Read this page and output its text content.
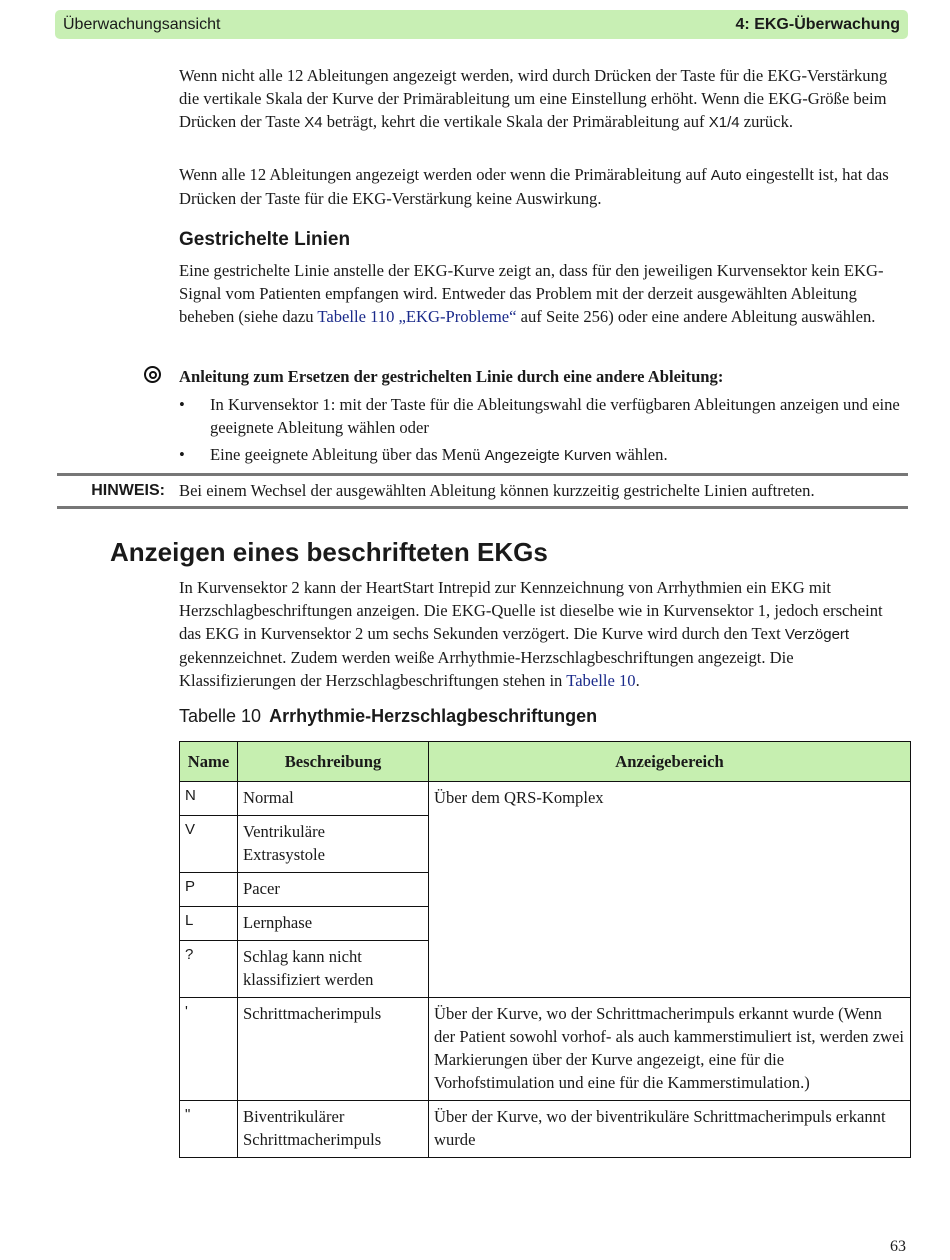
Überwachungsansicht	4: EKG-Überwachung

Wenn nicht alle 12 Ableitungen angezeigt werden, wird durch Drücken der Taste für die EKG-Verstärkung die vertikale Skala der Kurve der Primärableitung um eine Einstellung erhöht. Wenn die EKG-Größe beim Drücken der Taste X4 beträgt, kehrt die vertikale Skala der Primärableitung auf X1/4 zurück.

Wenn alle 12 Ableitungen angezeigt werden oder wenn die Primärableitung auf Auto eingestellt ist, hat das Drücken der Taste für die EKG-Verstärkung keine Auswirkung.

Gestrichelte Linien

Eine gestrichelte Linie anstelle der EKG-Kurve zeigt an, dass für den jeweiligen Kurvensektor kein EKG-Signal vom Patienten empfangen wird. Entweder das Problem mit der derzeit ausgewählten Ableitung beheben (siehe dazu Tabelle 110 „EKG-Probleme“ auf Seite 256) oder eine andere Ableitung auswählen.

Anleitung zum Ersetzen der gestrichelten Linie durch eine andere Ableitung:

• In Kurvensektor 1: mit der Taste für die Ableitungswahl die verfügbaren Ableitungen anzeigen und eine geeignete Ableitung wählen oder
• Eine geeignete Ableitung über das Menü Angezeigte Kurven wählen.
HINWEIS: Bei einem Wechsel der ausgewählten Ableitung können kurzzeitig gestrichelte Linien auftreten.
Anzeigen eines beschrifteten EKGs

In Kurvensektor 2 kann der HeartStart Intrepid zur Kennzeichnung von Arrhythmien ein EKG mit Herzschlagbeschriftungen anzeigen. Die EKG-Quelle ist dieselbe wie in Kurvensektor 1, jedoch erscheint das EKG in Kurvensektor 2 um sechs Sekunden verzögert. Die Kurve wird durch den Text Verzögert gekennzeichnet. Zudem werden weiße Arrhythmie-Herzschlagbeschriftungen angezeigt. Die Klassifizierungen der Herzschlagbeschriftungen stehen in Tabelle 10.

Tabelle 10 Arrhythmie-Herzschlagbeschriftungen
Name	Beschreibung	Anzeigebereich
N	Normal	Über dem QRS-Komplex
V	Ventrikuläre Extrasystole	
P	Pacer	
L	Lernphase	
?	Schlag kann nicht klassifiziert werden	
'	Schrittmacherimpuls	Über der Kurve, wo der Schrittmacherimpuls erkannt wurde (Wenn der Patient sowohl vorhof- als auch kammerstimuliert ist, werden zwei Markierungen über der Kurve angezeigt, eine für die Vorhofstimulation und eine für die Kammerstimulation.)
"	Biventrikulärer Schrittmacherimpuls	Über der Kurve, wo der biventrikuläre Schrittmacherimpuls erkannt wurde
63
